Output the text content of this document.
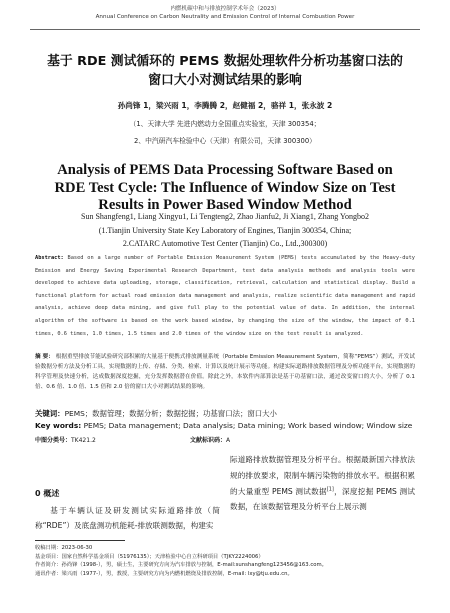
内燃机碳中和与排放控制学术年会（2023）
Annual Conference on Carbon Neutrality and Emission Control of Internal Combustion Power
基于 RDE 测试循环的 PEMS 数据处理软件分析功基窗口法的
窗口大小对测试结果的影响
孙尚锋 1，梁兴雨 1，李腾腾 2，赵健福 2，骆祥 1，张永波 2
（1、天津大学 先进内燃动力全国重点实验室，天津 300354；
2、中汽研汽车检验中心（天津）有限公司，天津 300300）
Analysis of PEMS Data Processing Software Based on
RDE Test Cycle: The Influence of Window Size on Test
Results in Power Based Window Method
Sun Shangfeng1, Liang Xingyu1, Li Tengteng2, Zhao Jianfu2, Ji Xiang1, Zhang Yongbo2
(1.Tianjin University State Key Laboratory of Engines, Tianjin 300354, China;
2.CATARC Automotive Test Center (Tianjin) Co., Ltd.,300300)
Abstract: Based on a large number of Portable Emission Measurement System (PEMS) tests accumulated by the Heavy-duty Emission and Energy Saving Experimental Research Department, test data analysis methods and analysis tools were developed to achieve data uploading, storage, classification, retrieval, calculation and statistical display. Build a functional platform for actual road emission data management and analysis, realize scientific data management and rapid analysis, achieve deep data mining, and give full play to the potential value of data. In addition, the internal algorithm of the software is based on the work based window, by changing the size of the window, the impact of 0.1 times, 0.6 times, 1.0 times, 1.5 times and 2.0 times of the window size on the test result is analyzed.
摘 要： 根据重型排放节能试验研究部积累的大量基于便携式排放测量系统（Portable Emission Measurement System，简称“PEMS”）测试，开发试验数据分析方法及分析工具，实现数据的上传、存储、分类、检索、计算以及统计展示等功能。构建实际道路排放数据管理及分析功能平台，实现数据的科学管理及快速分析，达成数据深度挖掘，充分发挥数据潜在价值。除此之外，本软件内部算法是基于功基窗口法，通过改变窗口的大小，分析了 0.1 倍、0.6 倍、1.0 倍、1.5 倍和 2.0 倍的窗口大小对测试结果的影响。
关键词：PEMS；数据管理；数据分析；数据挖掘；功基窗口法；窗口大小
Key words: PEMS; Data management; Data analysis; Data mining; Work based window; Window size
中图分类号：TK421.2	文献标识码：A
0 概述
基于车辆认证及研发测试实际道路排放（简称“RDE”）及底盘测功机能耗-排放联测数据，构建实
际道路排放数据管理及分析平台。根据最新国六排放法规的排放要求，限制车辆污染物的排放水平。根据积累的大量重型 PEMS 测试数据[1]，深度挖掘 PEMS 测试数据，在该数据管理及分析平台上展示测
收稿日期：2023-06-30
基金项目：国家自然科学基金项目（51976135）；天津检验中心自立科研项目（TJKY2224006）
作者简介：孙尚锋（1998-），男，硕士生，主要研究方向为汽车排放与控制，E-mail:sunshangfeng123456@163.com。
通讯作者：梁兴雨（1977-），男，教授，主要研究方向为内燃机燃烧及排放控制，E-mail: lxy@tju.edu.cn。
